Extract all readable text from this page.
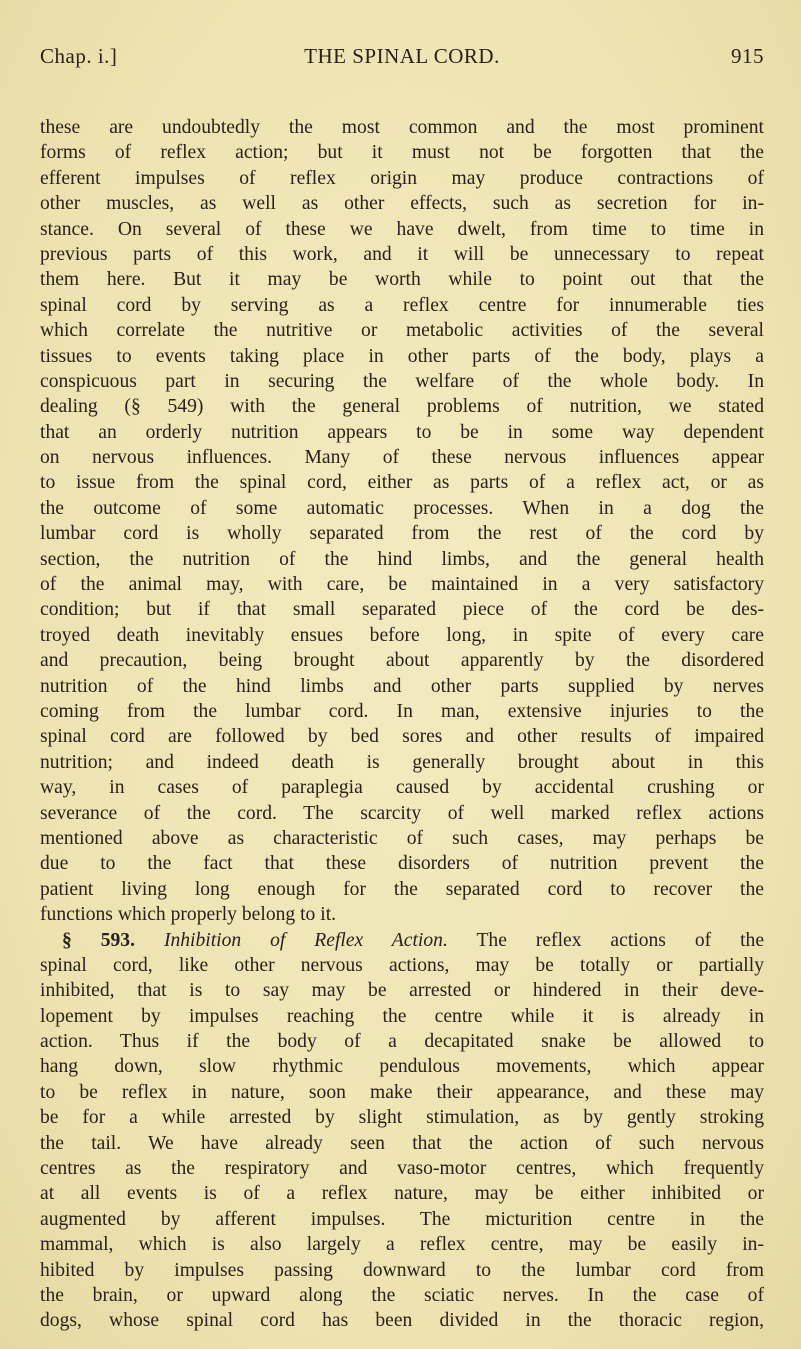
Chap. i.]	THE SPINAL CORD.	915
these are undoubtedly the most common and the most prominent
forms of reflex action; but it must not be forgotten that the
efferent impulses of reflex origin may produce contractions of
other muscles, as well as other effects, such as secretion for in-
stance. On several of these we have dwelt, from time to time in
previous parts of this work, and it will be unnecessary to repeat
them here. But it may be worth while to point out that the
spinal cord by serving as a reflex centre for innumerable ties
which correlate the nutritive or metabolic activities of the several
tissues to events taking place in other parts of the body, plays a
conspicuous part in securing the welfare of the whole body. In
dealing (§ 549) with the general problems of nutrition, we stated
that an orderly nutrition appears to be in some way dependent
on nervous influences. Many of these nervous influences appear
to issue from the spinal cord, either as parts of a reflex act, or as
the outcome of some automatic processes. When in a dog the
lumbar cord is wholly separated from the rest of the cord by
section, the nutrition of the hind limbs, and the general health
of the animal may, with care, be maintained in a very satisfactory
condition; but if that small separated piece of the cord be des-
troyed death inevitably ensues before long, in spite of every care
and precaution, being brought about apparently by the disordered
nutrition of the hind limbs and other parts supplied by nerves
coming from the lumbar cord. In man, extensive injuries to the
spinal cord are followed by bed sores and other results of impaired
nutrition; and indeed death is generally brought about in this
way, in cases of paraplegia caused by accidental crushing or
severance of the cord. The scarcity of well marked reflex actions
mentioned above as characteristic of such cases, may perhaps be
due to the fact that these disorders of nutrition prevent the
patient living long enough for the separated cord to recover the
functions which properly belong to it.
§ 593. Inhibition of Reflex Action. The reflex actions of the
spinal cord, like other nervous actions, may be totally or partially
inhibited, that is to say may be arrested or hindered in their deve-
lopement by impulses reaching the centre while it is already in
action. Thus if the body of a decapitated snake be allowed to
hang down, slow rhythmic pendulous movements, which appear
to be reflex in nature, soon make their appearance, and these may
be for a while arrested by slight stimulation, as by gently stroking
the tail. We have already seen that the action of such nervous
centres as the respiratory and vaso-motor centres, which frequently
at all events is of a reflex nature, may be either inhibited or
augmented by afferent impulses. The micturition centre in the
mammal, which is also largely a reflex centre, may be easily in-
hibited by impulses passing downward to the lumbar cord from
the brain, or upward along the sciatic nerves. In the case of
dogs, whose spinal cord has been divided in the thoracic region,
